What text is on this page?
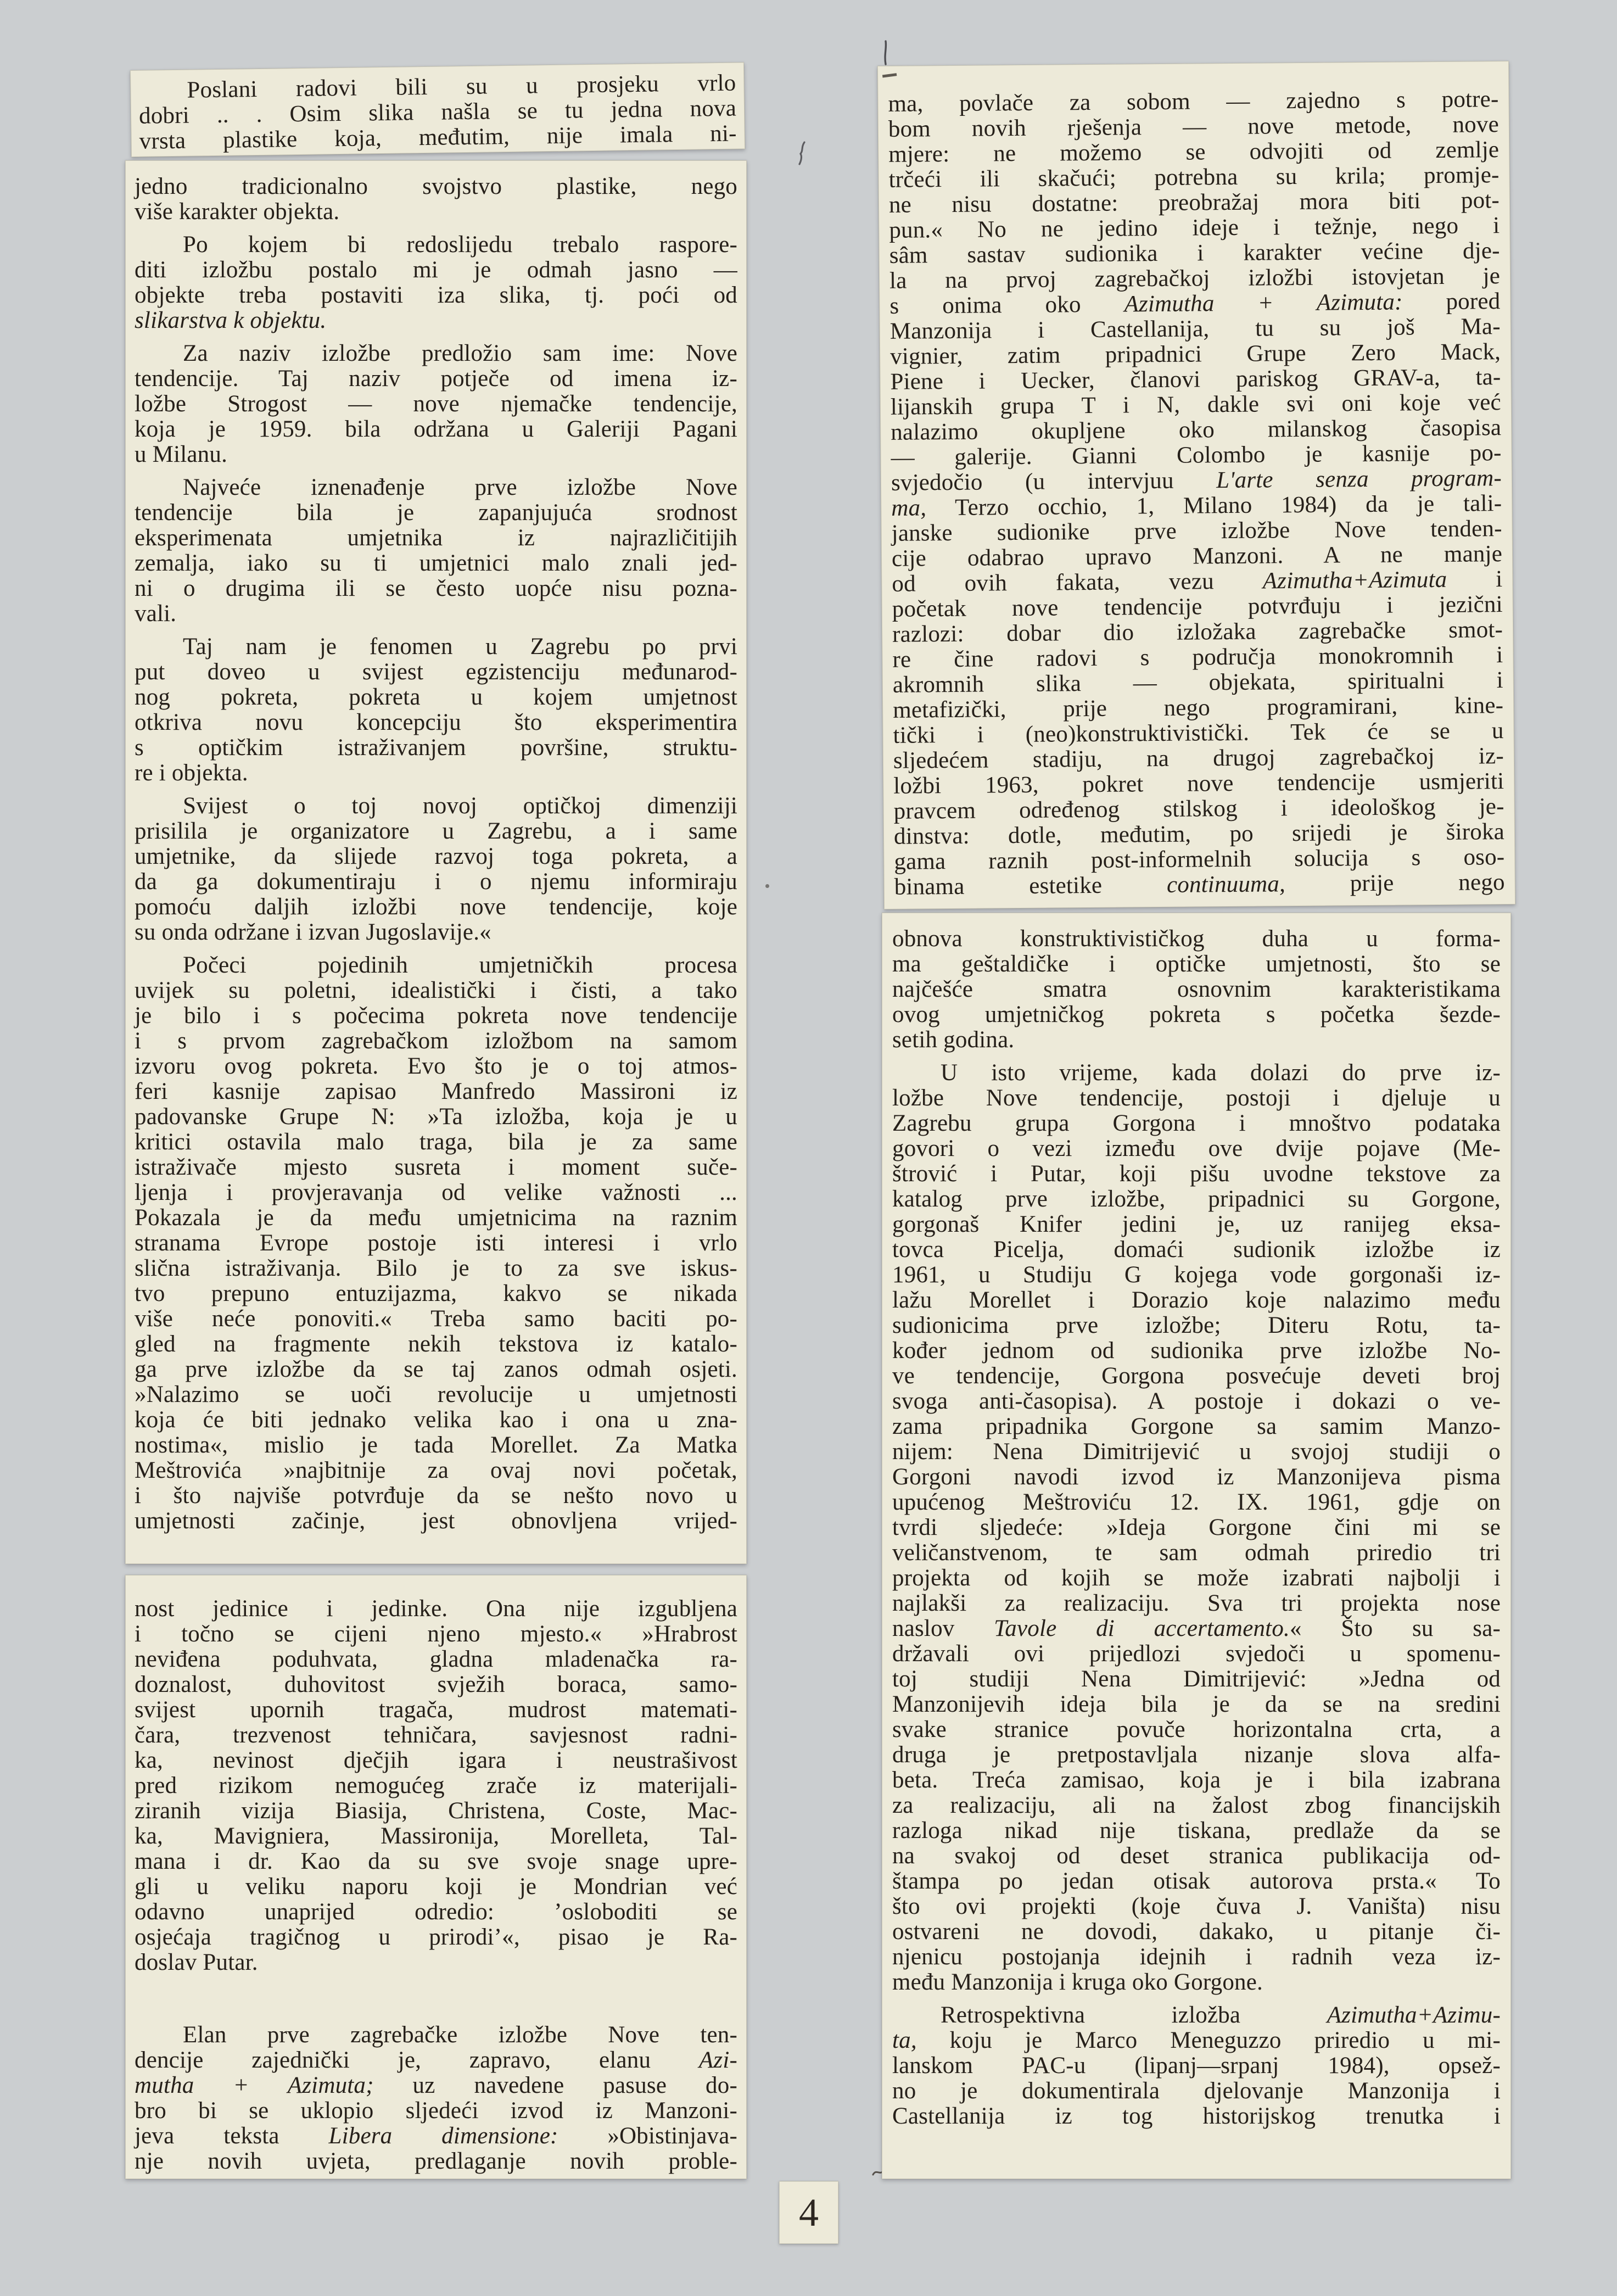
Poslani radovi bili su u prosjeku vrlo
dobri .. . Osim slika našla se tu jedna nova
vrsta plastike koja, međutim, nije imala ni-
jedno tradicionalno svojstvo plastike, nego
više karakter objekta.
Po kojem bi redoslijedu trebalo raspore-
diti izložbu postalo mi je odmah jasno —
objekte treba postaviti iza slika, tj. poći od
slikarstva k objektu.
Za naziv izložbe predložio sam ime: Nove
tendencije. Taj naziv potječe od imena iz-
ložbe Strogost — nove njemačke tendencije,
koja je 1959. bila održana u Galeriji Pagani
u Milanu.
Najveće iznenađenje prve izložbe Nove
tendencije bila je zapanjujuća srodnost
eksperimenata umjetnika iz najrazličitijih
zemalja, iako su ti umjetnici malo znali jed-
ni o drugima ili se često uopće nisu pozna-
vali.
Taj nam je fenomen u Zagrebu po prvi
put doveo u svijest egzistenciju međunarod-
nog pokreta, pokreta u kojem umjetnost
otkriva novu koncepciju što eksperimentira
s optičkim istraživanjem površine, struktu-
re i objekta.
Svijest o toj novoj optičkoj dimenziji
prisilila je organizatore u Zagrebu, a i same
umjetnike, da slijede razvoj toga pokreta, a
da ga dokumentiraju i o njemu informiraju
pomoću daljih izložbi nove tendencije, koje
su onda održane i izvan Jugoslavije.«
Počeci pojedinih umjetničkih procesa
uvijek su poletni, idealistički i čisti, a tako
je bilo i s počecima pokreta nove tendencije
i s prvom zagrebačkom izložbom na samom
izvoru ovog pokreta. Evo što je o toj atmos-
feri kasnije zapisao Manfredo Massironi iz
padovanske Grupe N: »Ta izložba, koja je u
kritici ostavila malo traga, bila je za same
istraživače mjesto susreta i moment suče-
ljenja i provjeravanja od velike važnosti ...
Pokazala je da među umjetnicima na raznim
stranama Evrope postoje isti interesi i vrlo
slična istraživanja. Bilo je to za sve iskus-
tvo prepuno entuzijazma, kakvo se nikada
više neće ponoviti.« Treba samo baciti po-
gled na fragmente nekih tekstova iz katalo-
ga prve izložbe da se taj zanos odmah osjeti.
»Nalazimo se uoči revolucije u umjetnosti
koja će biti jednako velika kao i ona u zna-
nostima«, mislio je tada Morellet. Za Matka
Meštrovića »najbitnije za ovaj novi početak,
i što najviše potvrđuje da se nešto novo u
umjetnosti začinje, jest obnovljena vrijed-
nost jedinice i jedinke. Ona nije izgubljena
i točno se cijeni njeno mjesto.« »Hrabrost
neviđena poduhvata, gladna mladenačka ra-
doznalost, duhovitost svježih boraca, samo-
svijest upornih tragača, mudrost matemati-
čara, trezvenost tehničara, savjesnost radni-
ka, nevinost dječjih igara i neustrašivost
pred rizikom nemogućeg zrače iz materijali-
ziranih vizija Biasija, Christena, Coste, Mac-
ka, Mavigniera, Massironija, Morelleta, Tal-
mana i dr. Kao da su sve svoje snage upre-
gli u veliku naporu koji je Mondrian već
odavno unaprijed odredio: ’osloboditi se
osjećaja tragičnog u prirodi’«, pisao je Ra-
doslav Putar.
Elan prve zagrebačke izložbe Nove ten-
dencije zajednički je, zapravo, elanu Azi-
mutha + Azimuta; uz navedene pasuse do-
bro bi se uklopio sljedeći izvod iz Manzoni-
jeva teksta Libera dimensione: »Obistinjava-
nje novih uvjeta, predlaganje novih proble-
ma, povlače za sobom — zajedno s potre-
bom novih rješenja — nove metode, nove
mjere: ne možemo se odvojiti od zemlje
trčeći ili skačući; potrebna su krila; promje-
ne nisu dostatne: preobražaj mora biti pot-
pun.« No ne jedino ideje i težnje, nego i
sâm sastav sudionika i karakter većine dje-
la na prvoj zagrebačkoj izložbi istovjetan je
s onima oko Azimutha + Azimuta: pored
Manzonija i Castellanija, tu su još Ma-
vignier, zatim pripadnici Grupe Zero Mack,
Piene i Uecker, članovi pariskog GRAV-a, ta-
lijanskih grupa T i N, dakle svi oni koje već
nalazimo okupljene oko milanskog časopisa
— galerije. Gianni Colombo je kasnije po-
svjedočio (u intervjuu L'arte senza program-
ma, Terzo occhio, 1, Milano 1984) da je tali-
janske sudionike prve izložbe Nove tenden-
cije odabrao upravo Manzoni. A ne manje
od ovih fakata, vezu Azimutha+Azimuta i
početak nove tendencije potvrđuju i jezični
razlozi: dobar dio izložaka zagrebačke smot-
re čine radovi s područja monokromnih i
akromnih slika — objekata, spiritualni i
metafizički, prije nego programirani, kine-
tički i (neo)konstruktivistički. Tek će se u
sljedećem stadiju, na drugoj zagrebačkoj iz-
ložbi 1963, pokret nove tendencije usmjeriti
pravcem određenog stilskog i ideološkog je-
dinstva: dotle, međutim, po srijedi je široka
gama raznih post-informelnih solucija s oso-
binama estetike continuuma, prije nego
obnova konstruktivističkog duha u forma-
ma geštaldičke i optičke umjetnosti, što se
najčešće smatra osnovnim karakteristikama
ovog umjetničkog pokreta s početka šezde-
setih godina.
U isto vrijeme, kada dolazi do prve iz-
ložbe Nove tendencije, postoji i djeluje u
Zagrebu grupa Gorgona i mnoštvo podataka
govori o vezi između ove dvije pojave (Me-
štrović i Putar, koji pišu uvodne tekstove za
katalog prve izložbe, pripadnici su Gorgone,
gorgonaš Knifer jedini je, uz ranijeg eksa-
tovca Picelja, domaći sudionik izložbe iz
1961, u Studiju G kojega vode gorgonaši iz-
lažu Morellet i Dorazio koje nalazimo među
sudionicima prve izložbe; Diteru Rotu, ta-
kođer jednom od sudionika prve izložbe No-
ve tendencije, Gorgona posvećuje deveti broj
svoga anti-časopisa). A postoje i dokazi o ve-
zama pripadnika Gorgone sa samim Manzo-
nijem: Nena Dimitrijević u svojoj studiji o
Gorgoni navodi izvod iz Manzonijeva pisma
upućenog Meštroviću 12. IX. 1961, gdje on
tvrdi sljedeće: »Ideja Gorgone čini mi se
veličanstvenom, te sam odmah priredio tri
projekta od kojih se može izabrati najbolji i
najlakši za realizaciju. Sva tri projekta nose
naslov Tavole di accertamento.« Što su sa-
državali ovi prijedlozi svjedoči u spomenu-
toj studiji Nena Dimitrijević: »Jedna od
Manzonijevih ideja bila je da se na sredini
svake stranice povuče horizontalna crta, a
druga je pretpostavljala nizanje slova alfa-
beta. Treća zamisao, koja je i bila izabrana
za realizaciju, ali na žalost zbog financijskih
razloga nikad nije tiskana, predlaže da se
na svakoj od deset stranica publikacija od-
štampa po jedan otisak autorova prsta.« To
što ovi projekti (koje čuva J. Vaništa) nisu
ostvareni ne dovodi, dakako, u pitanje či-
njenicu postojanja idejnih i radnih veza iz-
među Manzonija i kruga oko Gorgone.
Retrospektivna izložba Azimutha+Azimu-
ta, koju je Marco Meneguzzo priredio u mi-
lanskom PAC-u (lipanj—srpanj 1984), opsež-
no je dokumentirala djelovanje Manzonija i
Castellanija iz tog historijskog trenutka i
4
